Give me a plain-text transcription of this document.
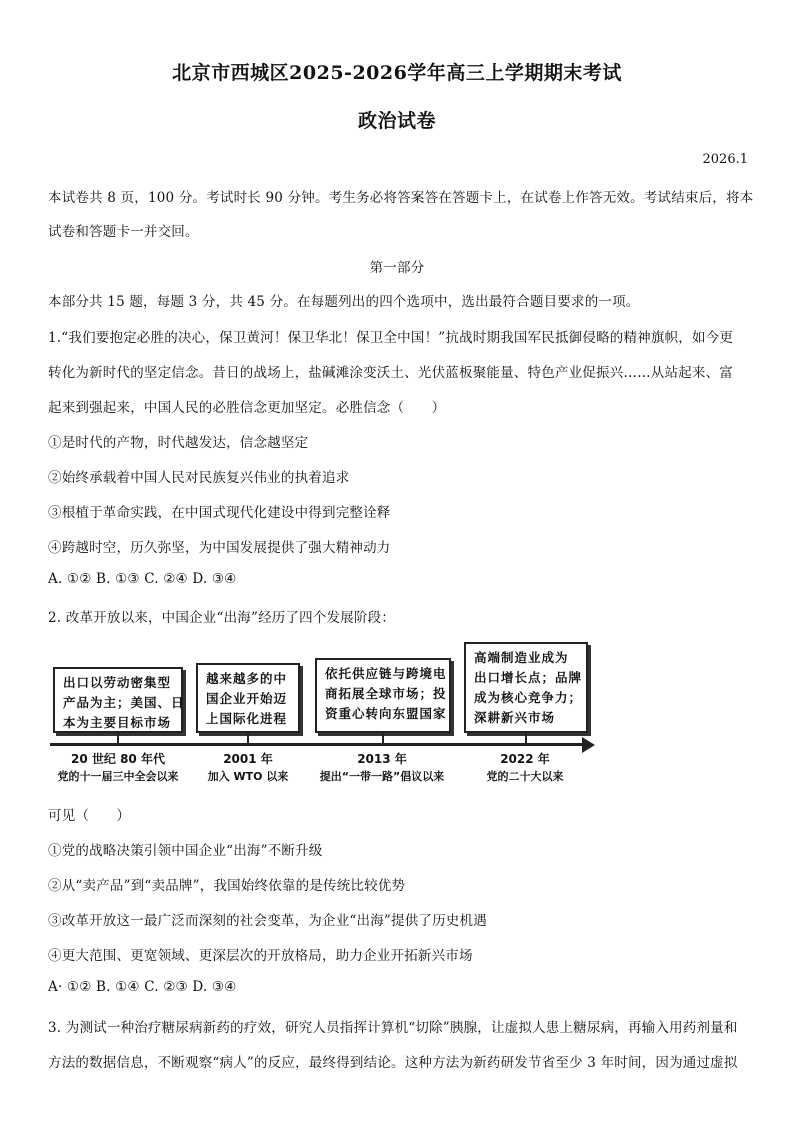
北京市西城区2025-2026学年高三上学期期末考试
政治试卷
2026.1
本试卷共 8 页，100 分。考试时长 90 分钟。考生务必将答案答在答题卡上，在试卷上作答无效。考试结束后，将本
试卷和答题卡一并交回。
第一部分
本部分共 15 题，每题 3 分，共 45 分。在每题列出的四个选项中，选出最符合题目要求的一项。
1.“我们要抱定必胜的决心，保卫黄河！保卫华北！保卫全中国！”抗战时期我国军民抵御侵略的精神旗帜，如今更
转化为新时代的坚定信念。昔日的战场上，盐碱滩涂变沃土、光伏蓝板聚能量、特色产业促振兴……从站起来、富
起来到强起来，中国人民的必胜信念更加坚定。必胜信念（　　）
①是时代的产物，时代越发达，信念越坚定
②始终承载着中国人民对民族复兴伟业的执着追求
③根植于革命实践，在中国式现代化建设中得到完整诠释
④跨越时空，历久弥坚，为中国发展提供了强大精神动力
A. ①② B. ①③ C. ②④ D. ③④
2. 改革开放以来，中国企业“出海”经历了四个发展阶段：
出口以劳动密集型
产品为主；美国、日
本为主要目标市场
越来越多的中
国企业开始迈
上国际化进程
依托供应链与跨境电
商拓展全球市场；投
资重心转向东盟国家
高端制造业成为
出口增长点；品牌
成为核心竞争力；
深耕新兴市场
20 世纪 80 年代	2001 年	2013 年	2022 年
党的十一届三中全会以来	加入 WTO 以来	提出“一带一路”倡议以来	党的二十大以来
可见（　　）
①党的战略决策引领中国企业“出海”不断升级
②从“卖产品”到“卖品牌”，我国始终依靠的是传统比较优势
③改革开放这一最广泛而深刻的社会变革，为企业“出海”提供了历史机遇
④更大范围、更宽领域、更深层次的开放格局，助力企业开拓新兴市场
A· ①② B. ①④ C. ②③ D. ③④
3. 为测试一种治疗糖尿病新药的疗效，研究人员指挥计算机“切除”胰腺，让虚拟人患上糖尿病，再输入用药剂量和
方法的数据信息，不断观察“病人”的反应，最终得到结论。这种方法为新药研发节省至少 3 年时间，因为通过虚拟
